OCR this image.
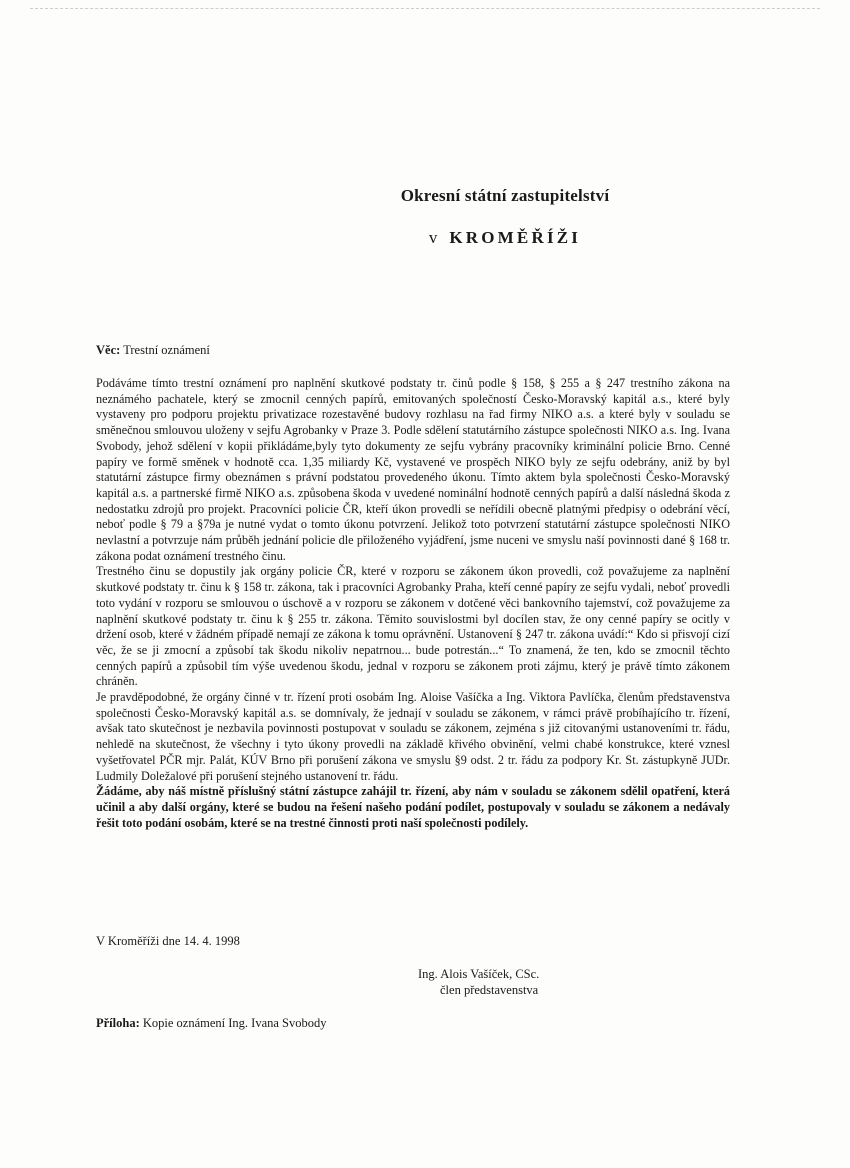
Okresní státní zastupitelství
v KROMĚŘÍŽI
Věc: Trestní oznámení

Podáváme tímto trestní oznámení pro naplnění skutkové podstaty tr. činů podle § 158, § 255 a § 247 trestního zákona na neznámého pachatele, který se zmocnil cenných papírů, emitovaných společností Česko-Moravský kapitál a.s., které byly vystaveny pro podporu projektu privatizace rozestavěné budovy rozhlasu na řad firmy NIKO a.s. a které byly v souladu se směnečnou smlouvou uloženy v sejfu Agrobanky v Praze 3. Podle sdělení statutárního zástupce společnosti NIKO a.s. Ing. Ivana Svobody, jehož sdělení v kopii přikládáme,byly tyto dokumenty ze sejfu vybrány pracovníky kriminální policie Brno. Cenné papíry ve formě směnek v hodnotě cca. 1,35 miliardy Kč, vystavené ve prospěch NIKO byly ze sejfu odebrány, aniž by byl statutární zástupce firmy obeznámen s právní podstatou provedeného úkonu. Tímto aktem byla společnosti Česko-Moravský kapitál a.s. a partnerské firmě NIKO a.s. způsobena škoda v uvedené nominální hodnotě cenných papírů a další následná škoda z nedostatku zdrojů pro projekt. Pracovníci policie ČR, kteří úkon provedli se neřídili obecně platnými předpisy o odebrání věcí, neboť podle § 79 a §79a je nutné vydat o tomto úkonu potvrzení. Jelikož toto potvrzení statutární zástupce společnosti NIKO nevlastní a potvrzuje nám průběh jednání policie dle přiloženého vyjádření, jsme nuceni ve smyslu naší povinnosti dané § 168 tr. zákona podat oznámení trestného činu.

Trestného činu se dopustily jak orgány policie ČR, které v rozporu se zákonem úkon provedli, což považujeme za naplnění skutkové podstaty tr. činu k § 158 tr. zákona, tak i pracovníci Agrobanky Praha, kteří cenné papíry ze sejfu vydali, neboť provedli toto vydání v rozporu se smlouvou o úschově a v rozporu se zákonem v dotčené věci bankovního tajemství, což považujeme za naplnění skutkové podstaty tr. činu k § 255 tr. zákona. Těmito souvislostmi byl docílen stav, že ony cenné papíry se ocitly v držení osob, které v žádném případě nemají ze zákona k tomu oprávnění. Ustanovení § 247 tr. zákona uvádí:“ Kdo si přisvojí cizí věc, že se ji zmocní a způsobí tak škodu nikoliv nepatrnou... bude potrestán...“ To znamená, že ten, kdo se zmocnil těchto cenných papírů a způsobil tím výše uvedenou škodu, jednal v rozporu se zákonem proti zájmu, který je právě tímto zákonem chráněn.

Je pravděpodobné, že orgány činné v tr. řízení proti osobám Ing. Aloise Vašíčka a Ing. Viktora Pavlíčka, členům představenstva společnosti Česko-Moravský kapitál a.s. se domnívaly, že jednají v souladu se zákonem, v rámci právě probíhajícího tr. řízení, avšak tato skutečnost je nezbavila povinnosti postupovat v souladu se zákonem, zejména s již citovanými ustanoveními tr. řádu, nehledě na skutečnost, že všechny i tyto úkony provedli na základě křivého obvinění, velmi chabé konstrukce, které vznesl vyšetřovatel PČR mjr. Palát, KÚV Brno při porušení zákona ve smyslu §9 odst. 2 tr. řádu za podpory Kr. St. zástupkyně JUDr. Ludmily Doležalové při porušení stejného ustanovení tr. řádu.

Žádáme, aby náš místně příslušný státní zástupce zahájil tr. řízení, aby nám v souladu se zákonem sdělil opatření, která učinil a aby další orgány, které se budou na řešení našeho podání podílet, postupovaly v souladu se zákonem a nedávaly řešit toto podání osobám, které se na trestné činnosti proti naší společnosti podílely.

V Kroměříži dne 14. 4. 1998
Ing. Alois Vašíček, CSc.
člen představenstva
Příloha: Kopie oznámení Ing. Ivana Svobody
